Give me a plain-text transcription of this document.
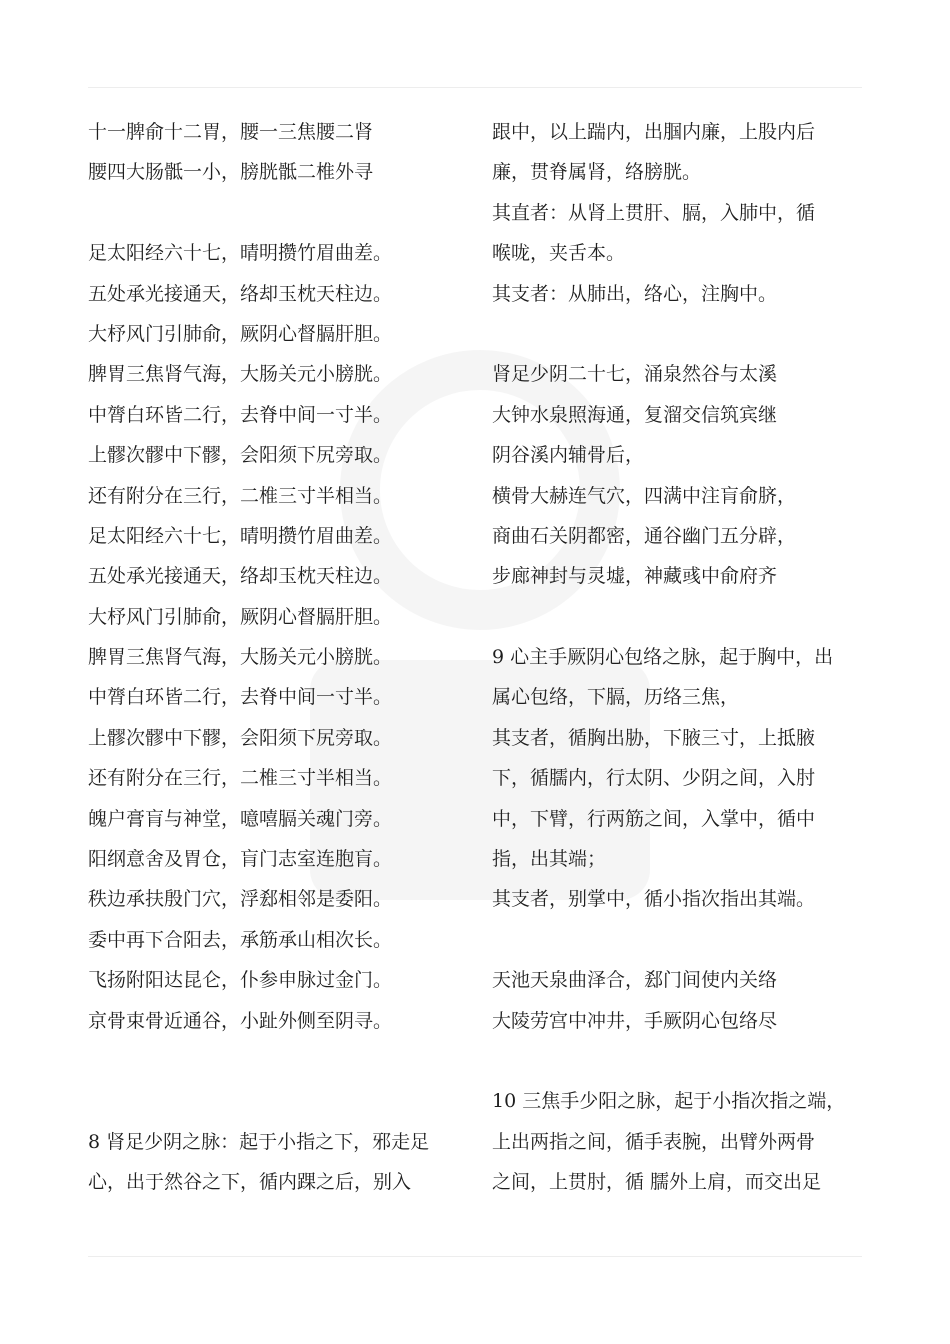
十一脾俞十二胃，腰一三焦腰二肾
腰四大肠骶一小，膀胱骶二椎外寻
足太阳经六十七，晴明攒竹眉曲差。
五处承光接通天，络却玉枕天柱边。
大杼风门引肺俞，厥阴心督膈肝胆。
脾胃三焦肾气海，大肠关元小膀胱。
中膂白环皆二行，去脊中间一寸半。
上髎次髎中下髎，会阳须下尻旁取。
还有附分在三行，二椎三寸半相当。
足太阳经六十七，晴明攒竹眉曲差。
五处承光接通天，络却玉枕天柱边。
大杼风门引肺俞，厥阴心督膈肝胆。
脾胃三焦肾气海，大肠关元小膀胱。
中膂白环皆二行，去脊中间一寸半。
上髎次髎中下髎，会阳须下尻旁取。
还有附分在三行，二椎三寸半相当。
魄户膏肓与神堂，噫嘻膈关魂门旁。
阳纲意舍及胃仓，肓门志室连胞肓。
秩边承扶殷门穴，浮郄相邻是委阳。
委中再下合阳去，承筋承山相次长。
飞扬附阳达昆仑，仆参申脉过金门。
京骨束骨近通谷，小趾外侧至阴寻。
8 肾足少阴之脉：起于小指之下，邪走足
心，出于然谷之下，循内踝之后，别入
跟中，以上踹内，出腘内廉，上股内后
廉，贯脊属肾，络膀胱。
其直者：从肾上贯肝、膈，入肺中，循
喉咙，夹舌本。
其支者：从肺出，络心，注胸中。
肾足少阴二十七，涌泉然谷与太溪
大钟水泉照海通，复溜交信筑宾继
阴谷溪内辅骨后，
横骨大赫连气穴，四满中注肓俞脐，
商曲石关阴都密，通谷幽门五分辟，
步廊神封与灵墟，神藏彧中俞府齐
9 心主手厥阴心包络之脉，起于胸中，出
属心包络，下膈，历络三焦，
其支者，循胸出胁，下腋三寸，上抵腋
下，循臑内，行太阴、少阴之间，入肘
中，下臂，行两筋之间，入掌中，循中
指，出其端；
其支者，别掌中，循小指次指出其端。
天池天泉曲泽合，郄门间使内关络
大陵劳宫中冲井，手厥阴心包络尽
10 三焦手少阳之脉，起于小指次指之端，
上出两指之间，循手表腕，出臂外两骨
之间，上贯肘，循 臑外上肩，而交出足
